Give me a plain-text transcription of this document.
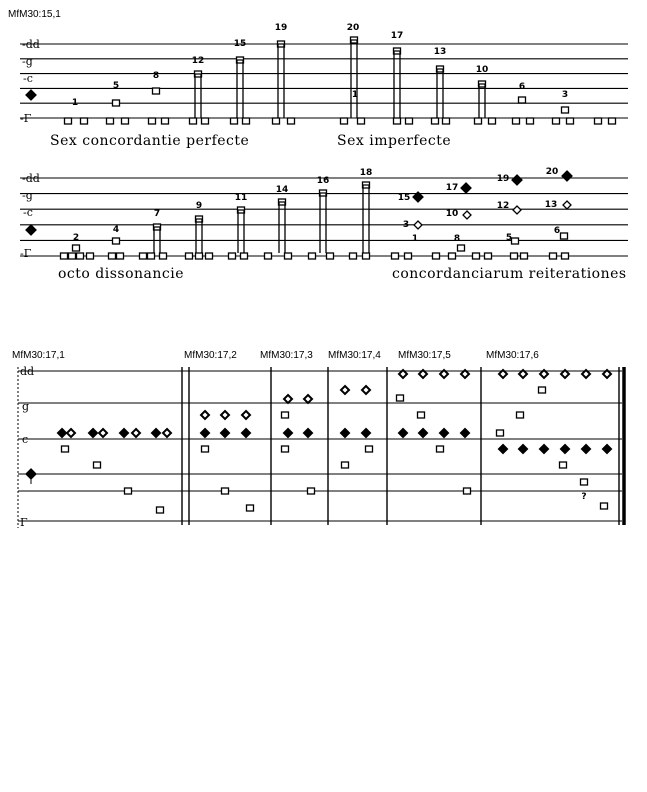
MfM30:15,1
MfM30:17,1	MfM30:17,2 MfM30:17,3 MfM30:17,4 MfM30:17,5	MfM30:17,6
Sex concordantie perfecte	Sex imperfecte
octo dissonancie	concordanciarum reiterationes
-dd
-g
-c
-Γ
1
5
8
12
15
19	20
17
13
10
6
3
1
-dd
-g
-c
-Γ
2
4
7
9
11
14
16
18
15
17
19
20
3
10
12	13
1	8	5
6
dd
g
c
Γ
?
